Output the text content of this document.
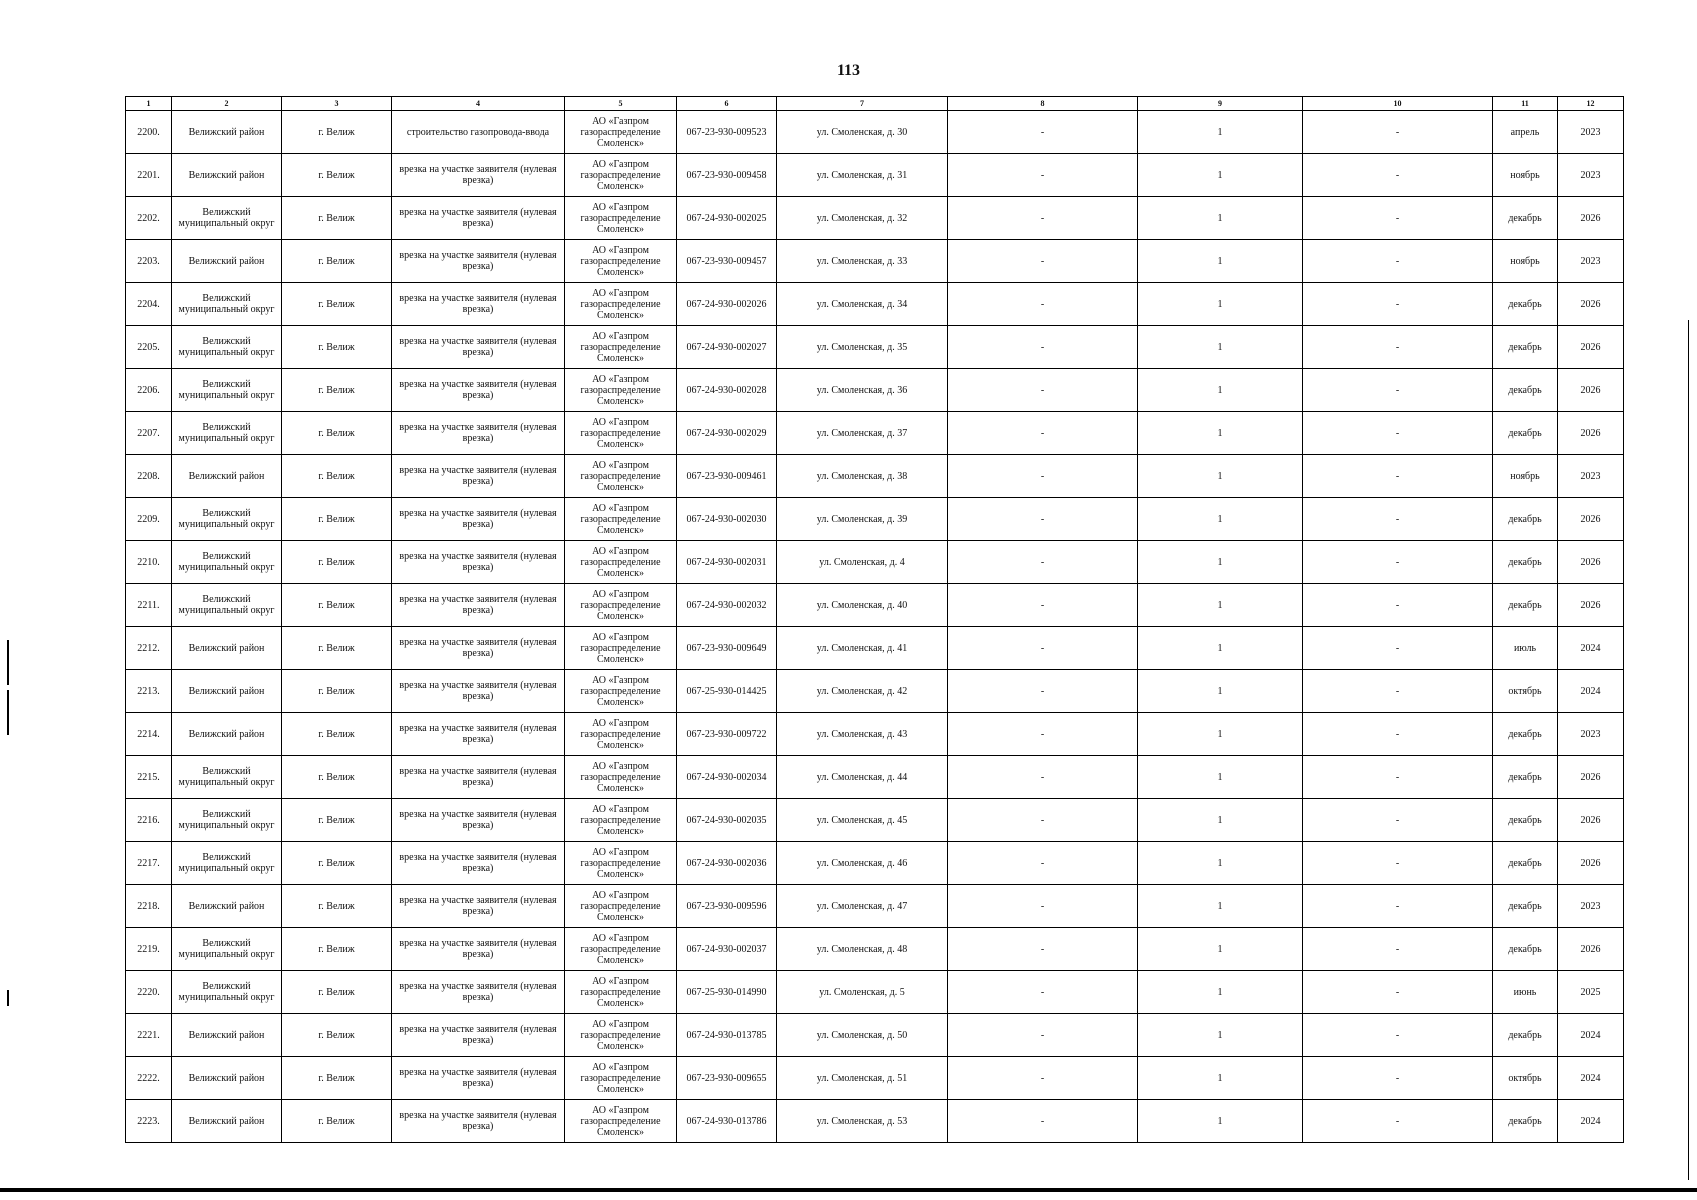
113
1	2	3	4	5	6	7	8	9	10	11	12
2200.	Велижский район	г. Велиж	строительство газопровода-ввода	АО «Газпром газораспределение Смоленск»	067-23-930-009523	ул. Смоленская, д. 30	-	1	-	апрель	2023
2201.	Велижский район	г. Велиж	врезка на участке заявителя (нулевая врезка)	АО «Газпром газораспределение Смоленск»	067-23-930-009458	ул. Смоленская, д. 31	-	1	-	ноябрь	2023
2202.	Велижский муниципальный округ	г. Велиж	врезка на участке заявителя (нулевая врезка)	АО «Газпром газораспределение Смоленск»	067-24-930-002025	ул. Смоленская, д. 32	-	1	-	декабрь	2026
2203.	Велижский район	г. Велиж	врезка на участке заявителя (нулевая врезка)	АО «Газпром газораспределение Смоленск»	067-23-930-009457	ул. Смоленская, д. 33	-	1	-	ноябрь	2023
2204.	Велижский муниципальный округ	г. Велиж	врезка на участке заявителя (нулевая врезка)	АО «Газпром газораспределение Смоленск»	067-24-930-002026	ул. Смоленская, д. 34	-	1	-	декабрь	2026
2205.	Велижский муниципальный округ	г. Велиж	врезка на участке заявителя (нулевая врезка)	АО «Газпром газораспределение Смоленск»	067-24-930-002027	ул. Смоленская, д. 35	-	1	-	декабрь	2026
2206.	Велижский муниципальный округ	г. Велиж	врезка на участке заявителя (нулевая врезка)	АО «Газпром газораспределение Смоленск»	067-24-930-002028	ул. Смоленская, д. 36	-	1	-	декабрь	2026
2207.	Велижский муниципальный округ	г. Велиж	врезка на участке заявителя (нулевая врезка)	АО «Газпром газораспределение Смоленск»	067-24-930-002029	ул. Смоленская, д. 37	-	1	-	декабрь	2026
2208.	Велижский район	г. Велиж	врезка на участке заявителя (нулевая врезка)	АО «Газпром газораспределение Смоленск»	067-23-930-009461	ул. Смоленская, д. 38	-	1	-	ноябрь	2023
2209.	Велижский муниципальный округ	г. Велиж	врезка на участке заявителя (нулевая врезка)	АО «Газпром газораспределение Смоленск»	067-24-930-002030	ул. Смоленская, д. 39	-	1	-	декабрь	2026
2210.	Велижский муниципальный округ	г. Велиж	врезка на участке заявителя (нулевая врезка)	АО «Газпром газораспределение Смоленск»	067-24-930-002031	ул. Смоленская, д. 4	-	1	-	декабрь	2026
2211.	Велижский муниципальный округ	г. Велиж	врезка на участке заявителя (нулевая врезка)	АО «Газпром газораспределение Смоленск»	067-24-930-002032	ул. Смоленская, д. 40	-	1	-	декабрь	2026
2212.	Велижский район	г. Велиж	врезка на участке заявителя (нулевая врезка)	АО «Газпром газораспределение Смоленск»	067-23-930-009649	ул. Смоленская, д. 41	-	1	-	июль	2024
2213.	Велижский район	г. Велиж	врезка на участке заявителя (нулевая врезка)	АО «Газпром газораспределение Смоленск»	067-25-930-014425	ул. Смоленская, д. 42	-	1	-	октябрь	2024
2214.	Велижский район	г. Велиж	врезка на участке заявителя (нулевая врезка)	АО «Газпром газораспределение Смоленск»	067-23-930-009722	ул. Смоленская, д. 43	-	1	-	декабрь	2023
2215.	Велижский муниципальный округ	г. Велиж	врезка на участке заявителя (нулевая врезка)	АО «Газпром газораспределение Смоленск»	067-24-930-002034	ул. Смоленская, д. 44	-	1	-	декабрь	2026
2216.	Велижский муниципальный округ	г. Велиж	врезка на участке заявителя (нулевая врезка)	АО «Газпром газораспределение Смоленск»	067-24-930-002035	ул. Смоленская, д. 45	-	1	-	декабрь	2026
2217.	Велижский муниципальный округ	г. Велиж	врезка на участке заявителя (нулевая врезка)	АО «Газпром газораспределение Смоленск»	067-24-930-002036	ул. Смоленская, д. 46	-	1	-	декабрь	2026
2218.	Велижский район	г. Велиж	врезка на участке заявителя (нулевая врезка)	АО «Газпром газораспределение Смоленск»	067-23-930-009596	ул. Смоленская, д. 47	-	1	-	декабрь	2023
2219.	Велижский муниципальный округ	г. Велиж	врезка на участке заявителя (нулевая врезка)	АО «Газпром газораспределение Смоленск»	067-24-930-002037	ул. Смоленская, д. 48	-	1	-	декабрь	2026
2220.	Велижский муниципальный округ	г. Велиж	врезка на участке заявителя (нулевая врезка)	АО «Газпром газораспределение Смоленск»	067-25-930-014990	ул. Смоленская, д. 5	-	1	-	июнь	2025
2221.	Велижский район	г. Велиж	врезка на участке заявителя (нулевая врезка)	АО «Газпром газораспределение Смоленск»	067-24-930-013785	ул. Смоленская, д. 50	-	1	-	декабрь	2024
2222.	Велижский район	г. Велиж	врезка на участке заявителя (нулевая врезка)	АО «Газпром газораспределение Смоленск»	067-23-930-009655	ул. Смоленская, д. 51	-	1	-	октябрь	2024
2223.	Велижский район	г. Велиж	врезка на участке заявителя (нулевая врезка)	АО «Газпром газораспределение Смоленск»	067-24-930-013786	ул. Смоленская, д. 53	-	1	-	декабрь	2024
